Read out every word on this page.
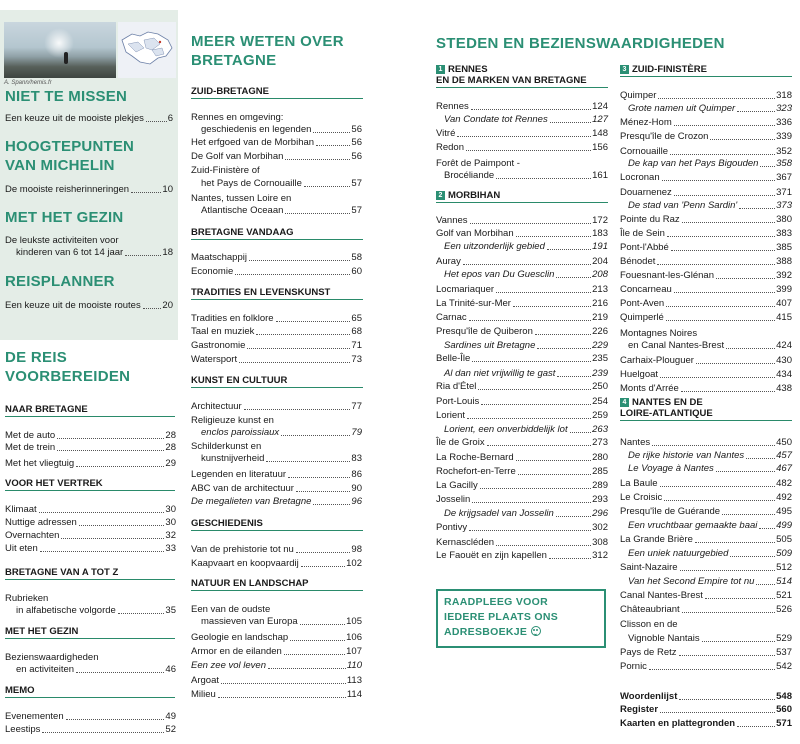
A. Spann/hemis.fr
NIET TE MISSEN
Een keuze uit de mooiste plekjes	6
HOOGTEPUNTEN
VAN MICHELIN
De mooiste reisherinneringen	10
MET HET GEZIN
De leukste activiteiten voor
kinderen van 6 tot 14 jaar	18
REISPLANNER
Een keuze uit de mooiste routes 20
DE REIS
VOORBEREIDEN
NAAR BRETAGNE
Met de auto	28
Met de trein	28
Met het vliegtuig	29
VOOR HET VERTREK
Klimaat	30
Nuttige adressen	30
Overnachten	32
Uit eten	33
BRETAGNE VAN A TOT Z
Rubrieken
in alfabetische volgorde	35
MET HET GEZIN
Bezienswaardigheden
en activiteiten	46
MEMO
Evenementen	49
Leestips	52
MEER WETEN OVER
BRETAGNE
ZUID-BRETAGNE
Rennes en omgeving:
geschiedenis en legenden	56
Het erfgoed van de Morbihan	56
De Golf van Morbihan	56
Zuid-Finistère of
het Pays de Cornouaille	57
Nantes, tussen Loire en
Atlantische Oceaan	57
BRETAGNE VANDAAG
Maatschappij	58
Economie	60
TRADITIES EN LEVENSKUNST
Tradities en folklore	65
Taal en muziek	68
Gastronomie	71
Watersport	73
KUNST EN CULTUUR
Architectuur	77
Religieuze kunst en
enclos paroissiaux	79
Schilderkunst en
kunstnijverheid	83
Legenden en literatuur	86
ABC van de architectuur	90
De megalieten van Bretagne	96
GESCHIEDENIS
Van de prehistorie tot nu	98
Kaapvaart en koopvaardij	102
NATUUR EN LANDSCHAP
Een van de oudste
massieven van Europa	105
Geologie en landschap	106
Armor en de eilanden	107
Een zee vol leven	110
Argoat	113
Milieu	114
STEDEN EN BEZIENSWAARDIGHEDEN
1 RENNES
EN DE MARKEN VAN BRETAGNE
Rennes	124
Van Condate tot Rennes	127
Vitré	148
Redon	156
Forêt de Paimpont -
Brocéliande	161
2 MORBIHAN
Vannes	172
Golf van Morbihan	183
Een uitzonderlijk gebied	191
Auray	204
Het epos van Du Guesclin	208
Locmariaquer	213
La Trinité-sur-Mer	216
Carnac	219
Presqu'île de Quiberon	226
Sardines uit Bretagne	229
Belle-Île	235
Al dan niet vrijwillig te gast	239
Ria d'Étel	250
Port-Louis	254
Lorient	259
Lorient, een onverbiddelijk lot	263
Île de Groix	273
La Roche-Bernard	280
Rochefort-en-Terre	285
La Gacilly	289
Josselin	293
De krijgsadel van Josselin	296
Pontivy	302
Kernascléden	308
Le Faouët en zijn kapellen	312
3 ZUID-FINISTÈRE
Quimper	318
Grote namen uit Quimper	323
Ménez-Hom	336
Presqu'île de Crozon	339
Cornouaille	352
De kap van het Pays Bigouden 358
Locronan	367
Douarnenez	371
De stad van 'Penn Sardin'	373
Pointe du Raz	380
Île de Sein	383
Pont-l'Abbé	385
Bénodet	388
Fouesnant-les-Glénan	392
Concarneau	399
Pont-Aven	407
Quimperlé	415
Montagnes Noires
en Canal Nantes-Brest	424
Carhaix-Plouguer	430
Huelgoat	434
Monts d'Arrée	438
4 NANTES EN DE
LOIRE-ATLANTIQUE
Nantes	450
De rijke historie van Nantes	457
Le Voyage à Nantes	467
La Baule	482
Le Croisic	492
Presqu'île de Guérande	495
Een vruchtbaar gemaakte baai 499
La Grande Brière	505
Een uniek natuurgebied	509
Saint-Nazaire	512
Van het Second Empire tot nu 514
Canal Nantes-Brest	521
Châteaubriant	526
Clisson en de
Vignoble Nantais	529
Pays de Retz	537
Pornic	542
Woordenlijst	548
Register	560
Kaarten en plattegronden	571
RAADPLEEG VOOR
IEDERE PLAATS ONS
ADRESBOEKJE
